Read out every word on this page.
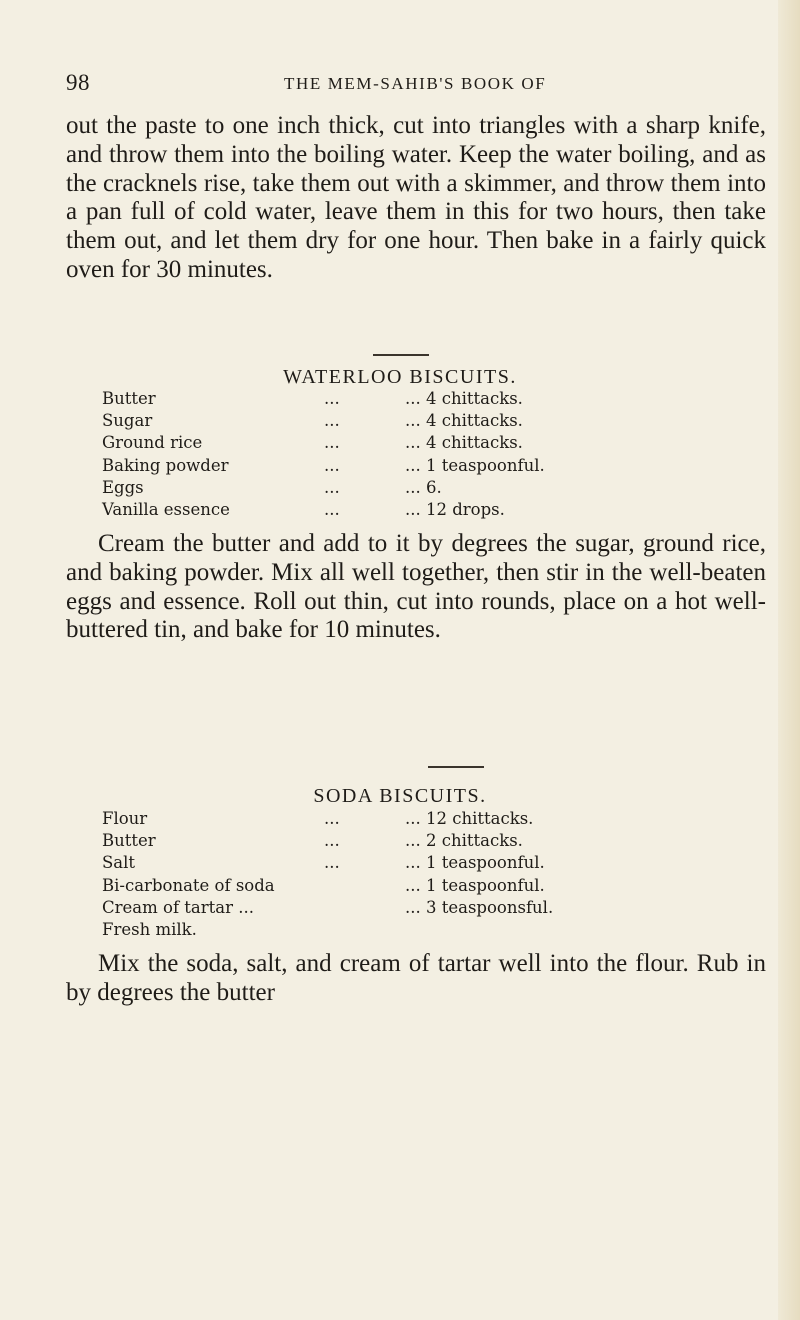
98	THE MEM-SAHIB'S BOOK OF

out the paste to one inch thick, cut into triangles with a sharp knife, and throw them into the boiling water. Keep the water boiling, and as the cracknels rise, take them out with a skimmer, and throw them into a pan full of cold water, leave them in this for two hours, then take them out, and let them dry for one hour. Then bake in a fairly quick oven for 30 minutes.

WATERLOO BISCUITS.
Butter	...	... 4 chittacks.
Sugar	...	... 4 chittacks.
Ground rice	...	... 4 chittacks.
Baking powder	...	... 1 teaspoonful.
Eggs	...	... 6.
Vanilla essence	...	... 12 drops.

Cream the butter and add to it by degrees the sugar, ground rice, and baking powder. Mix all well together, then stir in the well-beaten eggs and essence. Roll out thin, cut into rounds, place on a hot well-buttered tin, and bake for 10 minutes.

SODA BISCUITS.
Flour	...	... 12 chittacks.
Butter	...	... 2 chittacks.
Salt	...	... 1 teaspoonful.
Bi-carbonate of soda	... 1 teaspoonful.
Cream of tartar ...	... 3 teaspoonsful.
Fresh milk.

Mix the soda, salt, and cream of tartar well into the flour. Rub in by degrees the butter
